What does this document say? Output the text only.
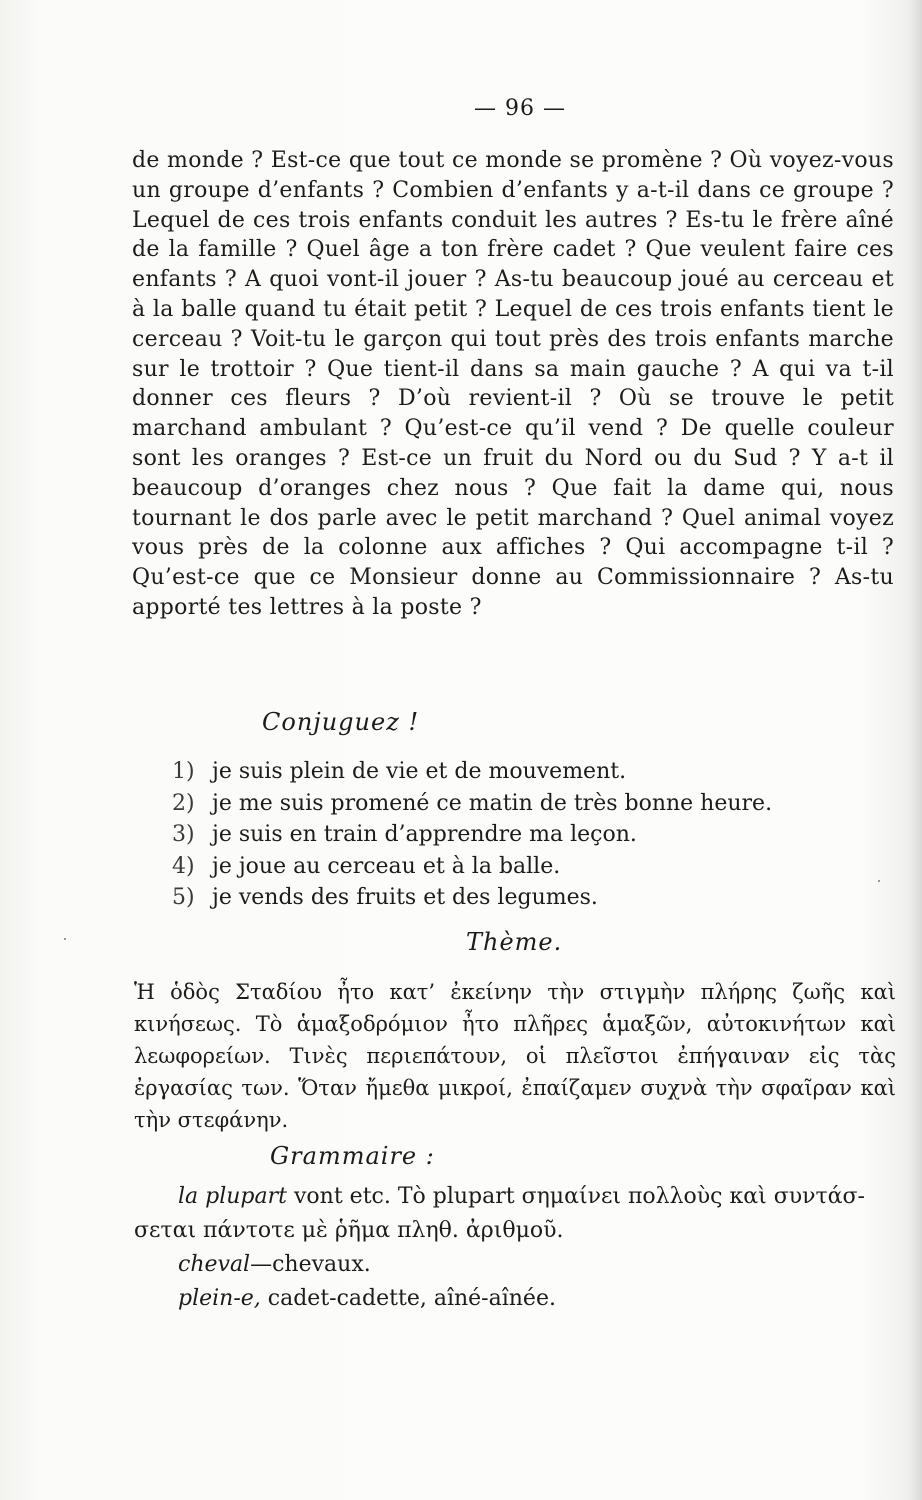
— 96 —

de monde ? Est-ce que tout ce monde se promène ? Où voyez-vous un groupe d’enfants ? Combien d’enfants y a-t-il dans ce groupe ? Lequel de ces trois enfants conduit les autres ? Es-tu le frère aîné de la famille ? Quel âge a ton frère cadet ? Que veulent faire ces enfants ? A quoi vont-il jouer ? As-tu beaucoup joué au cerceau et à la balle quand tu était petit ? Lequel de ces trois enfants tient le cerceau ? Voit-tu le garçon qui tout près des trois enfants marche sur le trottoir ? Que tient-il dans sa main gauche ? A qui va t-il donner ces fleurs ? D’où revient-il ? Où se trouve le petit marchand ambulant ? Qu’est-ce qu’il vend ? De quelle couleur sont les oranges ? Est-ce un fruit du Nord ou du Sud ? Y a-t il beaucoup d’oranges chez nous ? Que fait la dame qui, nous tournant le dos parle avec le petit marchand ? Quel animal voyez vous près de la colonne aux affiches ? Qui accompagne t-il ? Qu’est-ce que ce Monsieur donne au Commissionnaire ? As-tu apporté tes lettres à la poste ?

Conjuguez !
1) je suis plein de vie et de mouvement.
2) je me suis promené ce matin de très bonne heure.
3) je suis en train d’apprendre ma leçon.
4) je joue au cerceau et à la balle.
5) je vends des fruits et des legumes.
Thème.

Ἡ ὁδὸς Σταδίου ἦτο κατ’ ἐκείνην τὴν στιγμὴν πλήρης ζωῆς καὶ κινήσεως. Τὸ ἁμαξοδρόμιον ἦτο πλῆρες ἁμαξῶν, αὐτοκινήτων καὶ λεωφορείων. Τινὲς περιεπάτουν, οἱ πλεῖστοι ἐπήγαιναν εἰς τὰς ἐργασίας των. Ὅταν ἤμεθα μικροί, ἐπαίζαμεν συχνὰ τὴν σφαῖραν καὶ τὴν στεφάνην.

Grammaire :
la plupart vont etc. Τὸ plupart σημαίνει πολλοὺς καὶ συντάσ-
σεται πάντοτε μὲ ῥῆμα πληθ. ἀριθμοῦ.
cheval—chevaux.
plein-e, cadet-cadette, aîné-aînée.
